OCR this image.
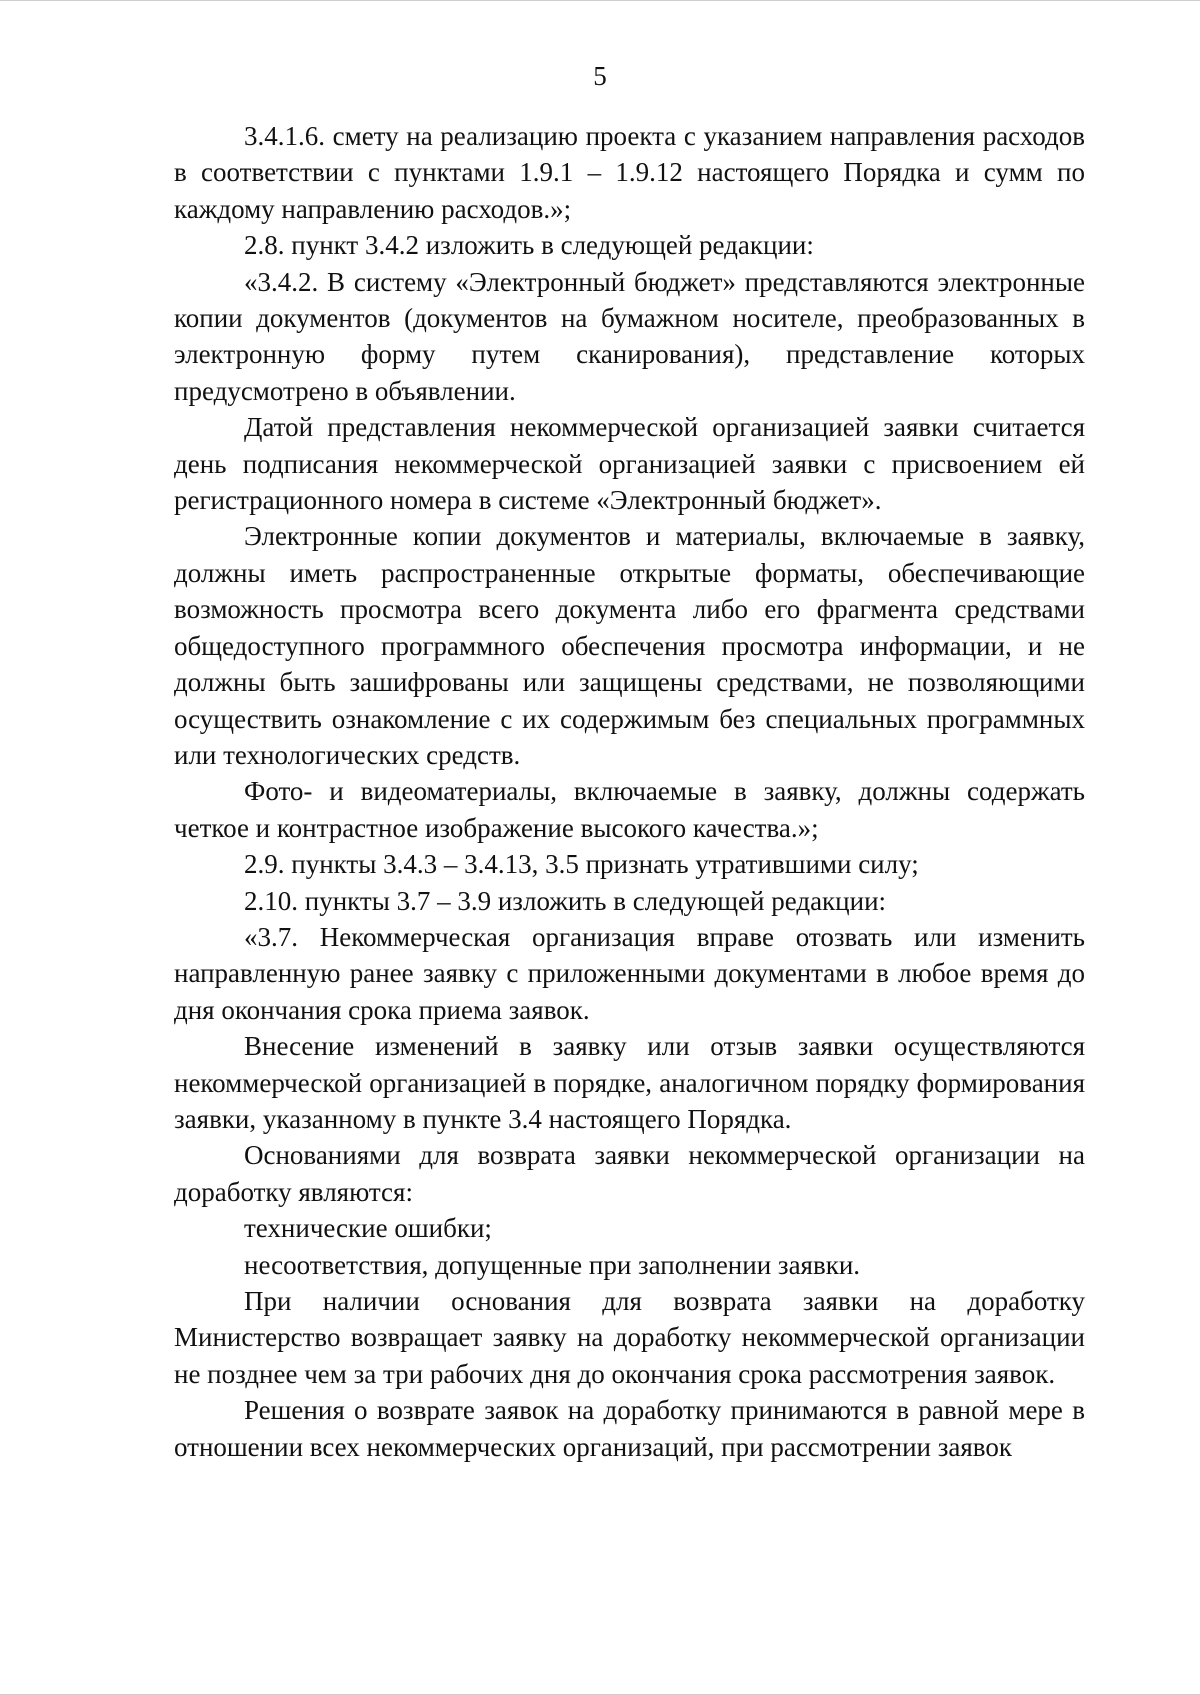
5

3.4.1.6. смету на реализацию проекта с указанием направления расходов в соответствии с пунктами 1.9.1 – 1.9.12 настоящего Порядка и сумм по каждому направлению расходов.»;

2.8. пункт 3.4.2 изложить в следующей редакции:

«3.4.2. В систему «Электронный бюджет» представляются электронные копии документов (документов на бумажном носителе, преобразованных в электронную форму путем сканирования), представление которых предусмотрено в объявлении.

Датой представления некоммерческой организацией заявки считается день подписания некоммерческой организацией заявки с присвоением ей регистрационного номера в системе «Электронный бюджет».

Электронные копии документов и материалы, включаемые в заявку, должны иметь распространенные открытые форматы, обеспечивающие возможность просмотра всего документа либо его фрагмента средствами общедоступного программного обеспечения просмотра информации, и не должны быть зашифрованы или защищены средствами, не позволяющими осуществить ознакомление с их содержимым без специальных программных или технологических средств.

Фото- и видеоматериалы, включаемые в заявку, должны содержать четкое и контрастное изображение высокого качества.»;

2.9. пункты 3.4.3 – 3.4.13, 3.5 признать утратившими силу;

2.10. пункты 3.7 – 3.9 изложить в следующей редакции:

«3.7. Некоммерческая организация вправе отозвать или изменить направленную ранее заявку с приложенными документами в любое время до дня окончания срока приема заявок.

Внесение изменений в заявку или отзыв заявки осуществляются некоммерческой организацией в порядке, аналогичном порядку формирования заявки, указанному в пункте 3.4 настоящего Порядка.

Основаниями для возврата заявки некоммерческой организации на доработку являются:

технические ошибки;

несоответствия, допущенные при заполнении заявки.

При наличии основания для возврата заявки на доработку Министерство возвращает заявку на доработку некоммерческой организации не позднее чем за три рабочих дня до окончания срока рассмотрения заявок.

Решения о возврате заявок на доработку принимаются в равной мере в отношении всех некоммерческих организаций, при рассмотрении заявок
